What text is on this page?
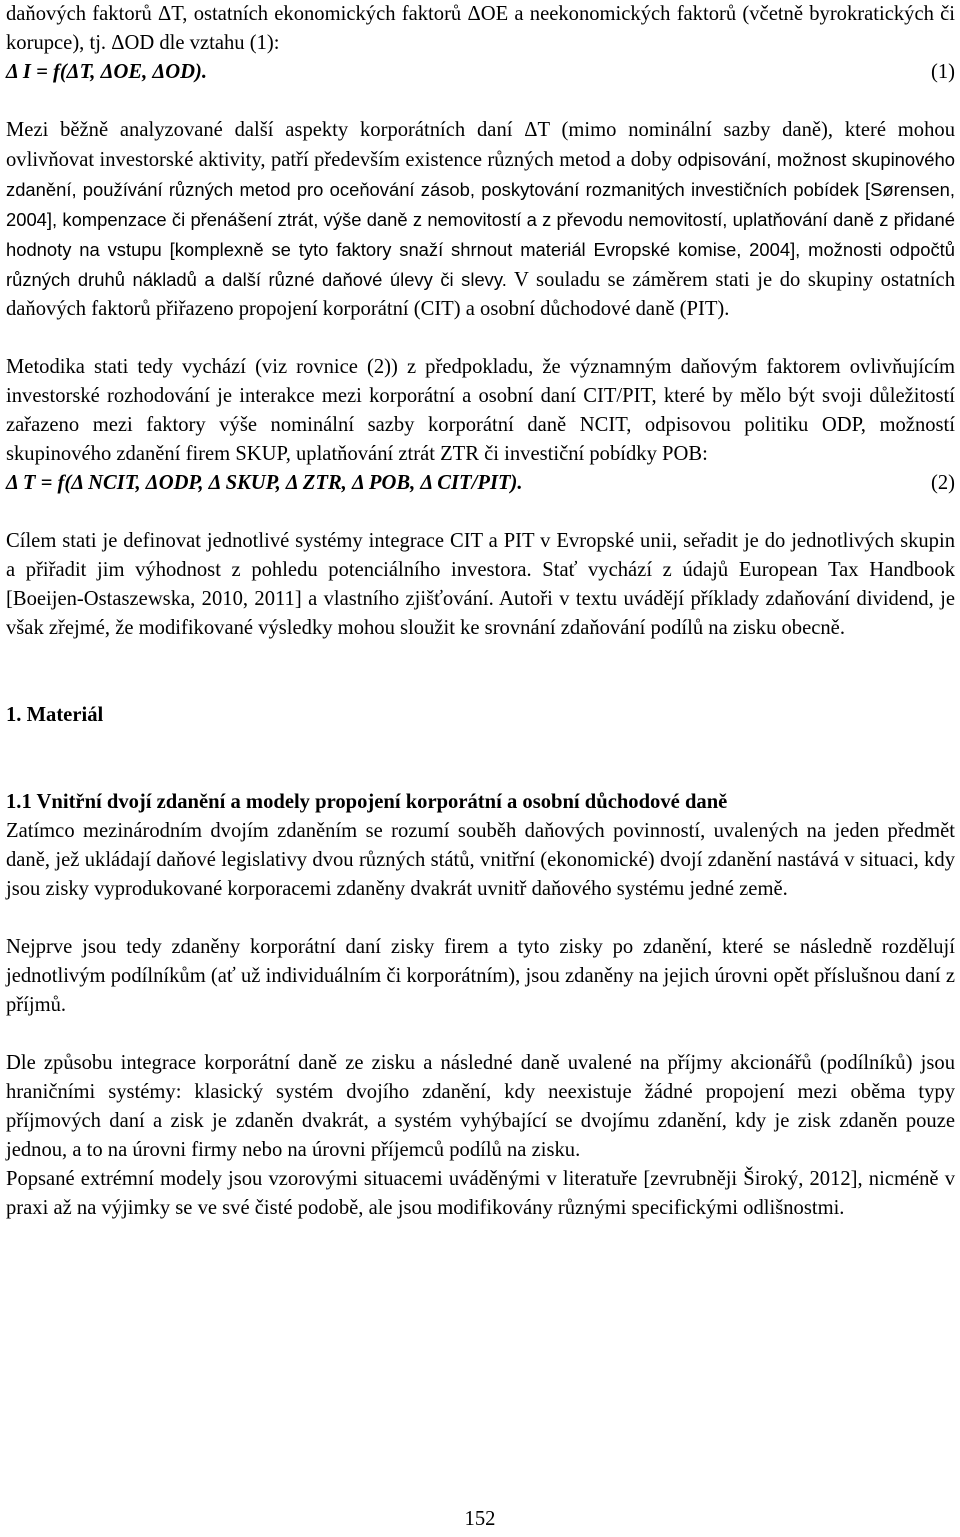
daňových faktorů ΔT, ostatních ekonomických faktorů ΔOE a neekonomických faktorů (včetně byrokratických či korupce), tj. ΔOD dle vztahu (1):

Δ I = f(ΔT, ΔOE, ΔOD).	(1)

Mezi běžně analyzované další aspekty korporátních daní ΔT (mimo nominální sazby daně), které mohou ovlivňovat investorské aktivity, patří především existence různých metod a doby odpisování, možnost skupinového zdanění, používání různých metod pro oceňování zásob, poskytování rozmanitých investičních pobídek [Sørensen, 2004], kompenzace či přenášení ztrát, výše daně z nemovitostí a z převodu nemovitostí, uplatňování daně z přidané hodnoty na vstupu [komplexně se tyto faktory snaží shrnout materiál Evropské komise, 2004], možnosti odpočtů různých druhů nákladů a další různé daňové úlevy či slevy. V souladu se záměrem stati je do skupiny ostatních daňových faktorů přiřazeno propojení korporátní (CIT) a osobní důchodové daně (PIT).

Metodika stati tedy vychází (viz rovnice (2)) z předpokladu, že významným daňovým faktorem ovlivňujícím investorské rozhodování je interakce mezi korporátní a osobní daní CIT/PIT, které by mělo být svoji důležitostí zařazeno mezi faktory výše nominální sazby korporátní daně NCIT, odpisovou politiku ODP, možností skupinového zdanění firem SKUP, uplatňování ztrát ZTR či investiční pobídky POB:

Δ T = f(Δ NCIT, ΔODP, Δ SKUP, Δ ZTR, Δ POB, Δ CIT/PIT).	(2)

Cílem stati je definovat jednotlivé systémy integrace CIT a PIT v Evropské unii, seřadit je do jednotlivých skupin a přiřadit jim výhodnost z pohledu potenciálního investora. Stať vychází z údajů European Tax Handbook [Boeijen-Ostaszewska, 2010, 2011] a vlastního zjišťování. Autoři v textu uvádějí příklady zdaňování dividend, je však zřejmé, že modifikované výsledky mohou sloužit ke srovnání zdaňování podílů na zisku obecně.

1. Materiál

1.1 Vnitřní dvojí zdanění a modely propojení korporátní a osobní důchodové daně

Zatímco mezinárodním dvojím zdaněním se rozumí souběh daňových povinností, uvalených na jeden předmět daně, jež ukládají daňové legislativy dvou různých států, vnitřní (ekonomické) dvojí zdanění nastává v situaci, kdy jsou zisky vyprodukované korporacemi zdaněny dvakrát uvnitř daňového systému jedné země.

Nejprve jsou tedy zdaněny korporátní daní zisky firem a tyto zisky po zdanění, které se následně rozdělují jednotlivým podílníkům (ať už individuálním či korporátním), jsou zdaněny na jejich úrovni opět příslušnou daní z příjmů.

Dle způsobu integrace korporátní daně ze zisku a následné daně uvalené na příjmy akcionářů (podílníků) jsou hraničními systémy: klasický systém dvojího zdanění, kdy neexistuje žádné propojení mezi oběma typy příjmových daní a zisk je zdaněn dvakrát, a systém vyhýbající se dvojímu zdanění, kdy je zisk zdaněn pouze jednou, a to na úrovni firmy nebo na úrovni příjemců podílů na zisku.

Popsané extrémní modely jsou vzorovými situacemi uváděnými v literatuře [zevrubněji Široký, 2012], nicméně v praxi až na výjimky se ve své čisté podobě, ale jsou modifikovány různými specifickými odlišnostmi.

152
